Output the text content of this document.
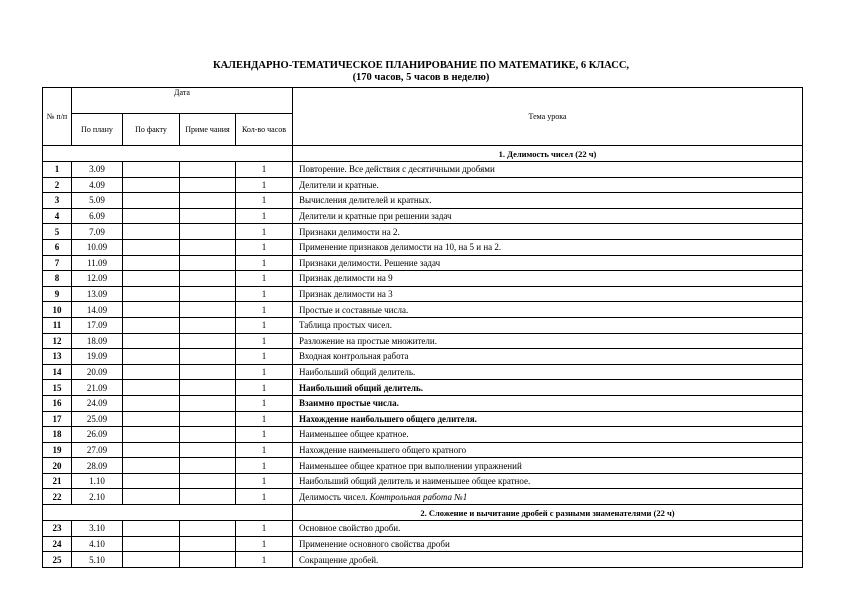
КАЛЕНДАРНО-ТЕМАТИЧЕСКОЕ ПЛАНИРОВАНИЕ ПО МАТЕМАТИКЕ, 6 КЛАСС,
(170 часов, 5 часов в неделю)
№ п/п	Дата				Тема урока
	По плану	По факту	Приме чания	Кол-во часов	
					1. Делимость чисел (22 ч)
1	3.09			1	Повторение. Все действия с десятичными дробями
2	4.09			1	Делители и кратные.
3	5.09			1	Вычисления делителей и кратных.
4	6.09			1	Делители и кратные при решении задач
5	7.09			1	Признаки делимости на 2.
6	10.09			1	Применение признаков делимости на 10, на 5 и на 2.
7	11.09			1	Признаки делимости. Решение задач
8	12.09			1	Признак делимости на 9
9	13.09			1	Признак делимости на 3
10	14.09			1	Простые и составные числа.
11	17.09			1	Таблица простых чисел.
12	18.09			1	Разложение на простые множители.
13	19.09			1	Входная контрольная работа
14	20.09			1	Наибольший общий делитель.
15	21.09			1	Наибольший общий делитель.
16	24.09			1	Взаимно простые числа.
17	25.09			1	Нахождение наибольшего общего делителя.
18	26.09			1	Наименьшее общее кратное.
19	27.09			1	Нахождение наименьшего общего кратного
20	28.09			1	Наименьшее общее кратное при выполнении упражнений
21	1.10			1	Наибольший общий делитель и наименьшее общее кратное.
22	2.10			1	Делимость чисел. Контрольная работа №1
					2. Сложение и вычитание дробей с разными знаменателями (22 ч)
23	3.10			1	Основное свойство дроби.
24	4.10			1	Применение основного свойства дроби
25	5.10			1	Сокращение дробей.
